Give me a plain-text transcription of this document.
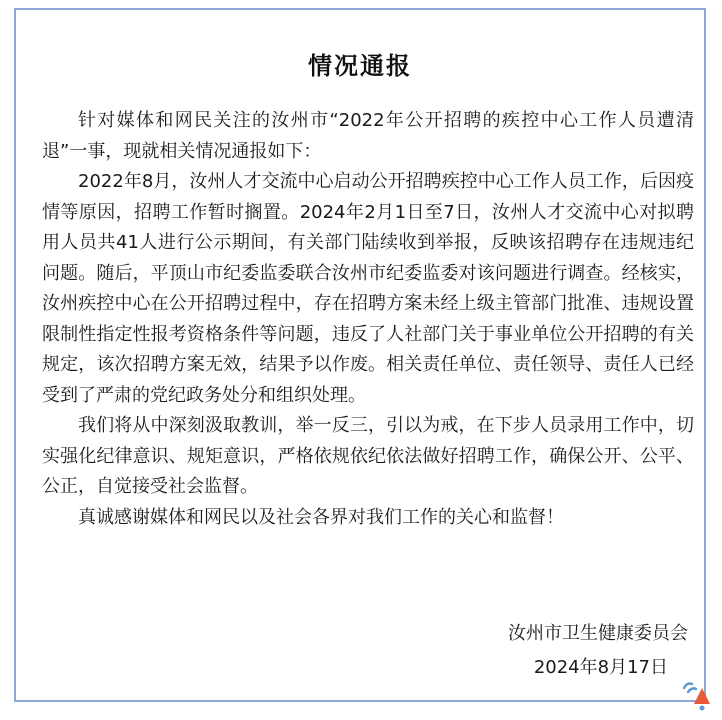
情况通报

针对媒体和网民关注的汝州市“2022年公开招聘的疾控中心工作人员遭清退”一事，现就相关情况通报如下：

2022年8月，汝州人才交流中心启动公开招聘疾控中心工作人员工作，后因疫情等原因，招聘工作暂时搁置。2024年2月1日至7日，汝州人才交流中心对拟聘用人员共41人进行公示期间，有关部门陆续收到举报，反映该招聘存在违规违纪问题。随后，平顶山市纪委监委联合汝州市纪委监委对该问题进行调查。经核实，汝州疾控中心在公开招聘过程中，存在招聘方案未经上级主管部门批准、违规设置限制性指定性报考资格条件等问题，违反了人社部门关于事业单位公开招聘的有关规定，该次招聘方案无效，结果予以作废。相关责任单位、责任领导、责任人已经受到了严肃的党纪政务处分和组织处理。

我们将从中深刻汲取教训，举一反三，引以为戒，在下步人员录用工作中，切实强化纪律意识、规矩意识，严格依规依纪依法做好招聘工作，确保公开、公平、公正，自觉接受社会监督。

真诚感谢媒体和网民以及社会各界对我们工作的关心和监督！

汝州市卫生健康委员会
2024年8月17日
